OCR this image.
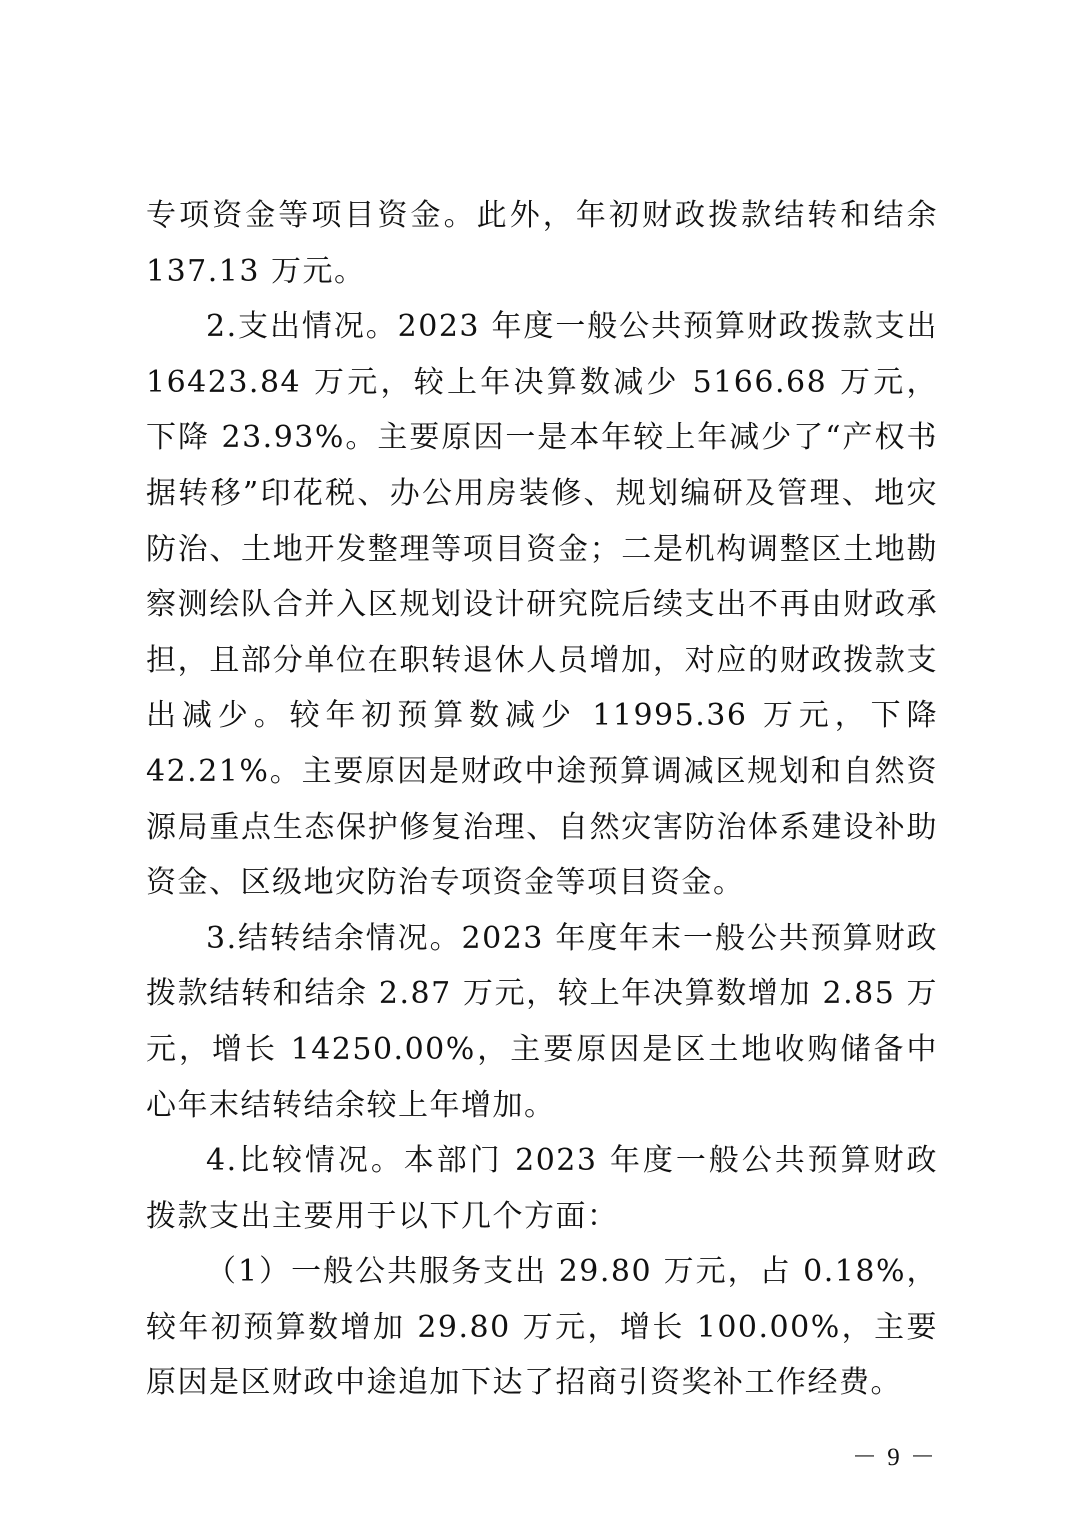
专项资金等项目资金。此外，年初财政拨款结转和结余 137.13 万元。

2.支出情况。2023 年度一般公共预算财政拨款支出 16423.84 万元，较上年决算数减少 5166.68 万元，下降 23.93%。主要原因一是本年较上年减少了“产权书据转移”印花税、办公用房装修、规划编研及管理、地灾防治、土地开发整理等项目资金；二是机构调整区土地勘察测绘队合并入区规划设计研究院后续支出不再由财政承担，且部分单位在职转退休人员增加，对应的财政拨款支出减少。较年初预算数减少 11995.36 万元，下降 42.21%。主要原因是财政中途预算调减区规划和自然资源局重点生态保护修复治理、自然灾害防治体系建设补助资金、区级地灾防治专项资金等项目资金。

3.结转结余情况。2023 年度年末一般公共预算财政拨款结转和结余 2.87 万元，较上年决算数增加 2.85 万元，增长 14250.00%，主要原因是区土地收购储备中心年末结转结余较上年增加。

4.比较情况。本部门 2023 年度一般公共预算财政拨款支出主要用于以下几个方面：

（1）一般公共服务支出 29.80 万元，占 0.18%，较年初预算数增加 29.80 万元，增长 100.00%，主要原因是区财政中途追加下达了招商引资奖补工作经费。

－ 9 －
